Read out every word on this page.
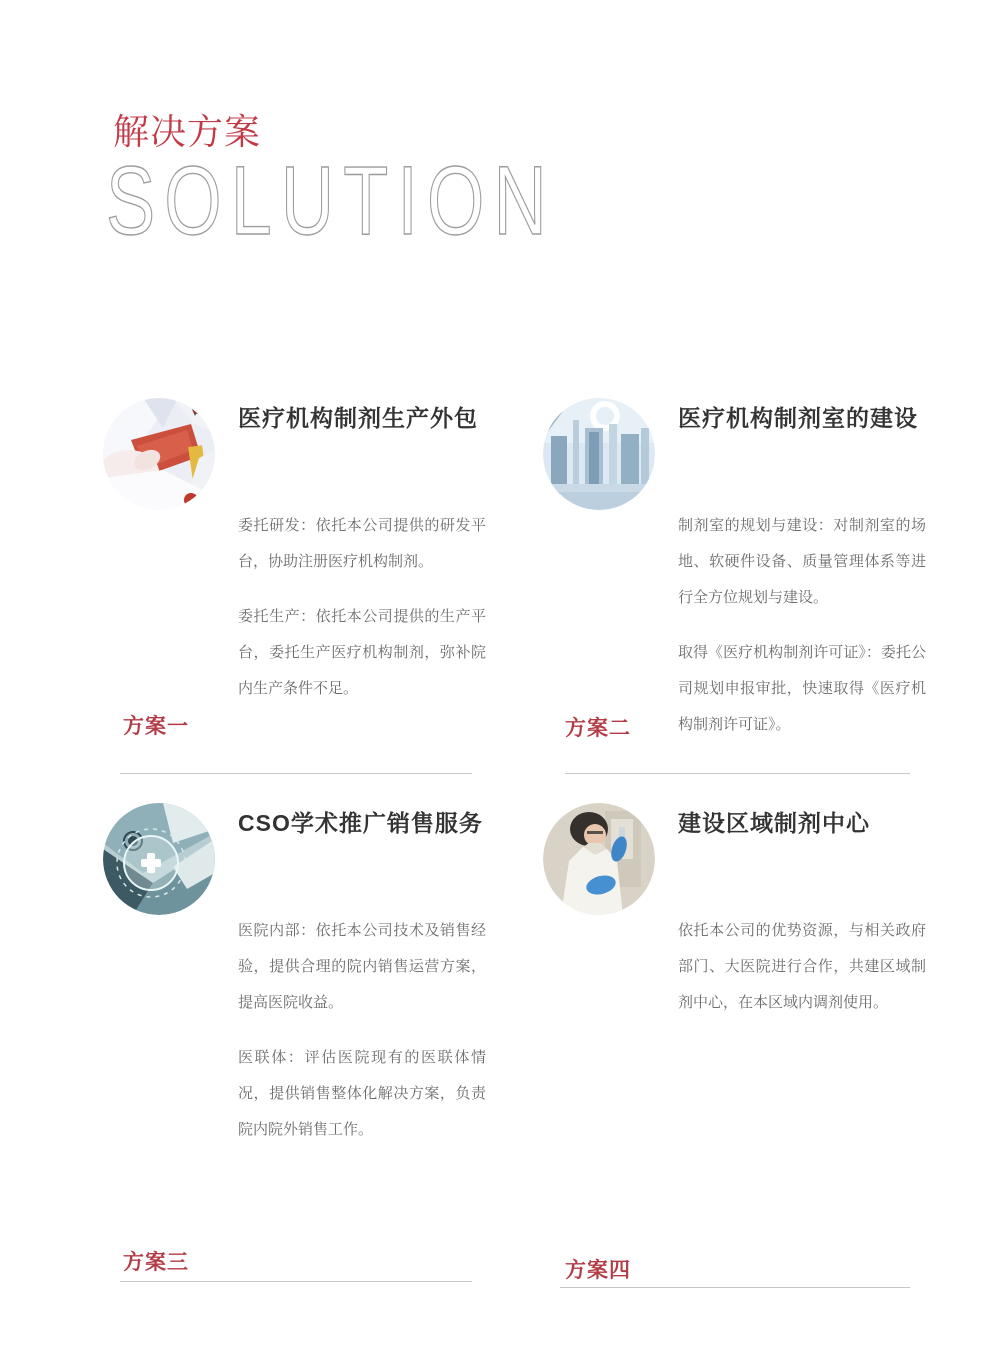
解决方案
SOLUTION
医疗机构制剂生产外包

委托研发：依托本公司提供的研发平台，协助注册医疗机构制剂。

委托生产：依托本公司提供的生产平台，委托生产医疗机构制剂，弥补院内生产条件不足。

医疗机构制剂室的建设

制剂室的规划与建设：对制剂室的场地、软硬件设备、质量管理体系等进行全方位规划与建设。

取得《医疗机构制剂许可证》：委托公司规划申报审批，快速取得《医疗机构制剂许可证》。

方案一	方案二
CSO学术推广销售服务

医院内部：依托本公司技术及销售经验，提供合理的院内销售运营方案，提高医院收益。

医联体：评估医院现有的医联体情况，提供销售整体化解决方案，负责院内院外销售工作。

建设区域制剂中心

依托本公司的优势资源，与相关政府部门、大医院进行合作，共建区域制剂中心，在本区域内调剂使用。

方案三	方案四
